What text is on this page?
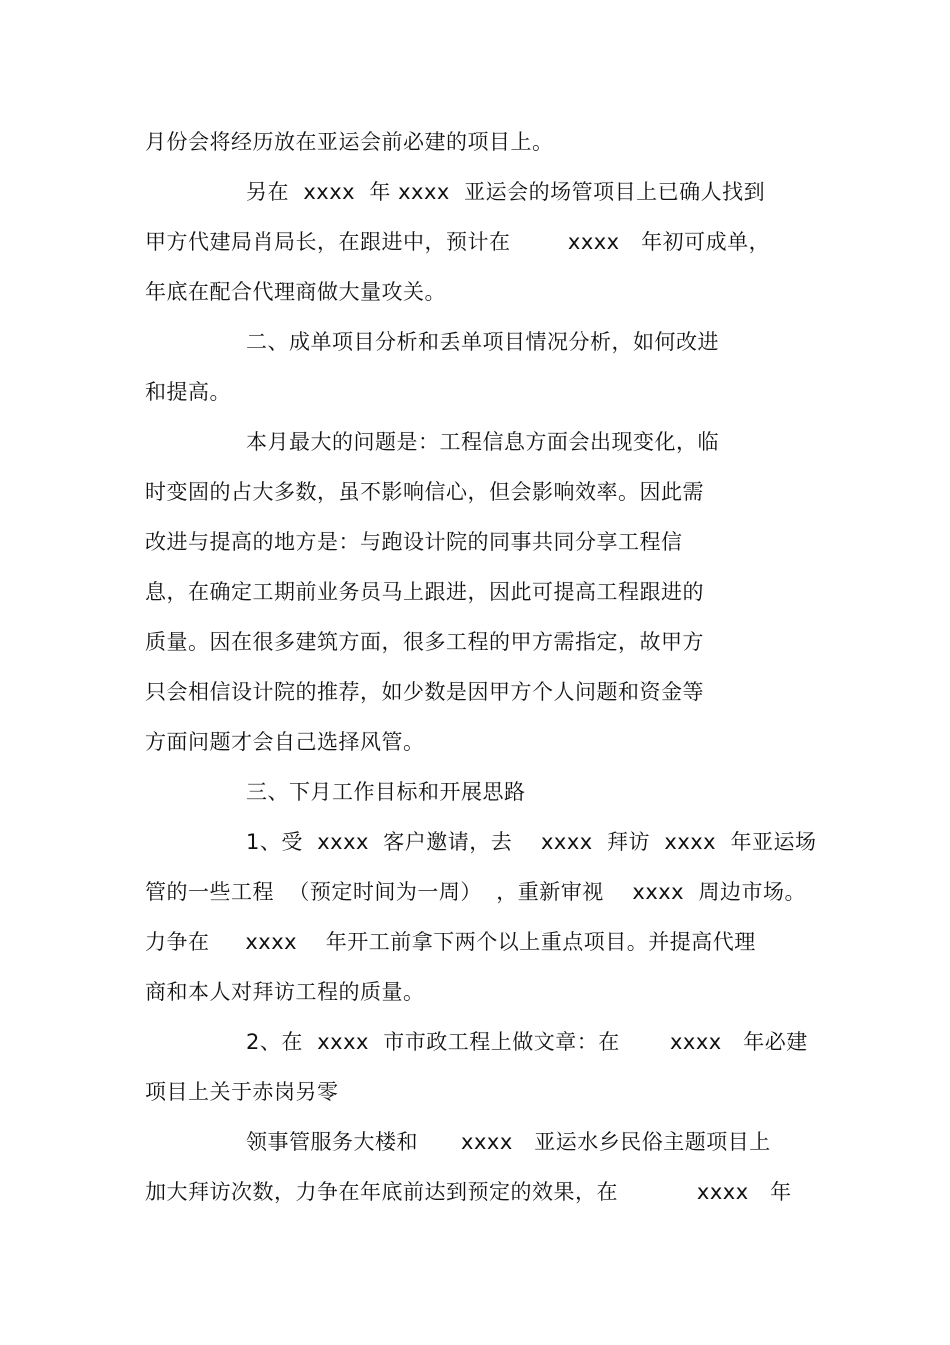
月份会将经历放在亚运会前必建的项目上。
另在  xxxx  年 xxxx  亚运会的场管项目上已确人找到
甲方代建局肖局长，在跟进中，预计在        xxxx   年初可成单，
年底在配合代理商做大量攻关。
二、成单项目分析和丢单项目情况分析，如何改进
和提高。
本月最大的问题是：工程信息方面会出现变化，临
时变固的占大多数，虽不影响信心，但会影响效率。因此需
改进与提高的地方是：与跑设计院的同事共同分享工程信
息，在确定工期前业务员马上跟进，因此可提高工程跟进的
质量。因在很多建筑方面，很多工程的甲方需指定，故甲方
只会相信设计院的推荐，如少数是因甲方个人问题和资金等
方面问题才会自己选择风管。
三、下月工作目标和开展思路
1、受  xxxx  客户邀请，去    xxxx  拜访  xxxx  年亚运场
管的一些工程  （预定时间为一周）  ，重新审视    xxxx  周边市场。
力争在     xxxx    年开工前拿下两个以上重点项目。并提高代理
商和本人对拜访工程的质量。
2、在  xxxx  市市政工程上做文章：在       xxxx   年必建
项目上关于赤岗另零
领事管服务大楼和      xxxx   亚运水乡民俗主题项目上
加大拜访次数，力争在年底前达到预定的效果，在           xxxx   年
